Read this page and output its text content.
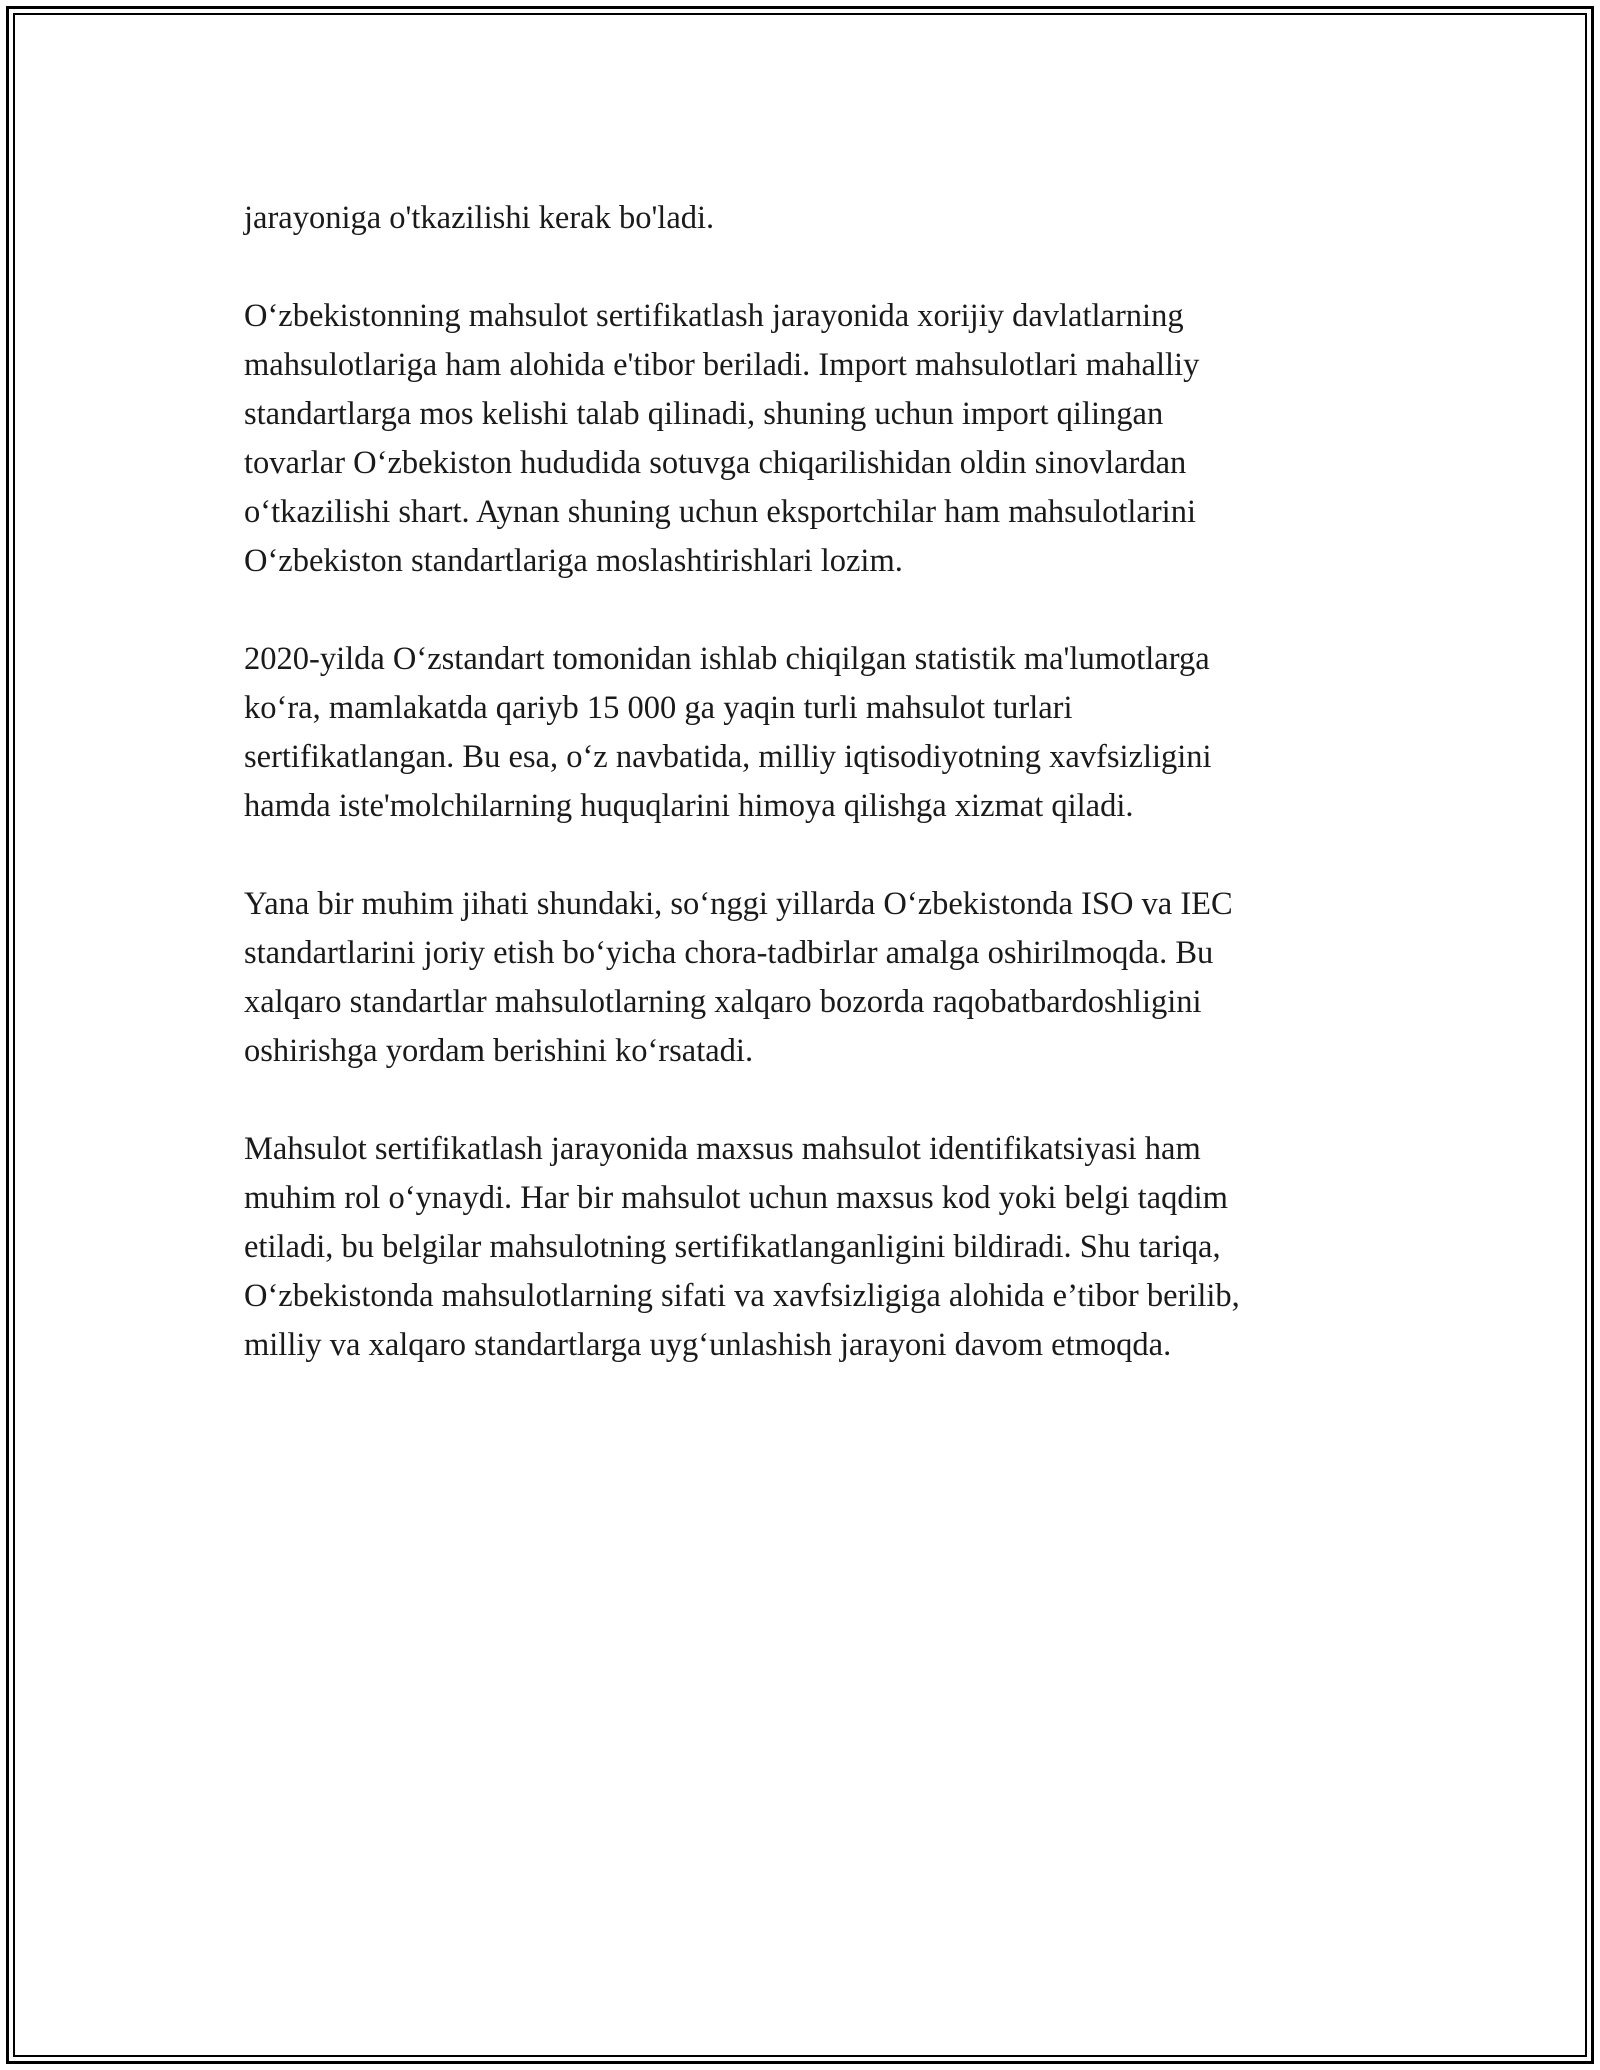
jarayoniga o'tkazilishi kerak bo'ladi.

O‘zbekistonning mahsulot sertifikatlash jarayonida xorijiy davlatlarning
mahsulotlariga ham alohida e'tibor beriladi. Import mahsulotlari mahalliy
standartlarga mos kelishi talab qilinadi, shuning uchun import qilingan
tovarlar O‘zbekiston hududida sotuvga chiqarilishidan oldin sinovlardan
o‘tkazilishi shart. Aynan shuning uchun eksportchilar ham mahsulotlarini
O‘zbekiston standartlariga moslashtirishlari lozim.

2020-yilda O‘zstandart tomonidan ishlab chiqilgan statistik ma'lumotlarga
ko‘ra, mamlakatda qariyb 15 000 ga yaqin turli mahsulot turlari
sertifikatlangan. Bu esa, o‘z navbatida, milliy iqtisodiyotning xavfsizligini
hamda iste'molchilarning huquqlarini himoya qilishga xizmat qiladi.

Yana bir muhim jihati shundaki, so‘nggi yillarda O‘zbekistonda ISO va IEC
standartlarini joriy etish bo‘yicha chora-tadbirlar amalga oshirilmoqda. Bu
xalqaro standartlar mahsulotlarning xalqaro bozorda raqobatbardoshligini
oshirishga yordam berishini ko‘rsatadi.

Mahsulot sertifikatlash jarayonida maxsus mahsulot identifikatsiyasi ham
muhim rol o‘ynaydi. Har bir mahsulot uchun maxsus kod yoki belgi taqdim
etiladi, bu belgilar mahsulotning sertifikatlanganligini bildiradi. Shu tariqa,
O‘zbekistonda mahsulotlarning sifati va xavfsizligiga alohida e’tibor berilib,
milliy va xalqaro standartlarga uyg‘unlashish jarayoni davom etmoqda.
